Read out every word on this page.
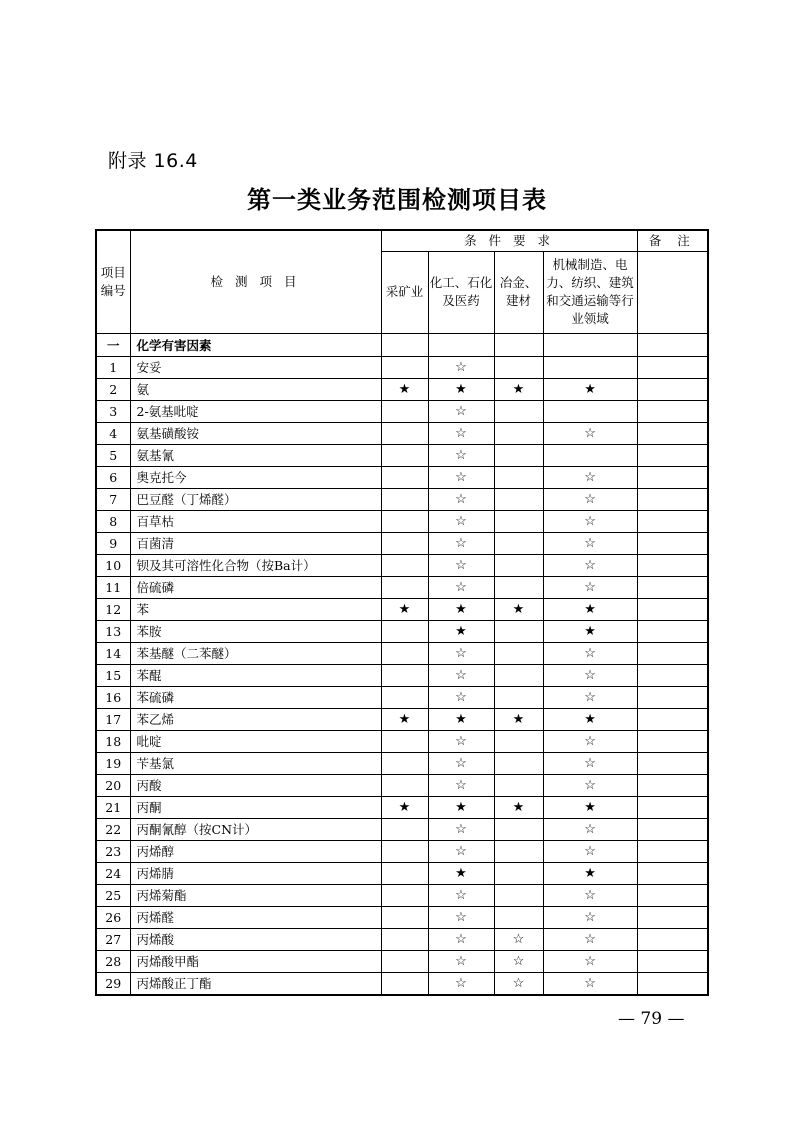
附录 16.4
第一类业务范围检测项目表
项目编号	检 测 项 目	条 件 要 求				备 注
		采矿业	化工、石化及医药	冶金、建材	机械制造、电力、纺织、建筑和交通运输等行业领域	
一	化学有害因素					
1	安妥		☆			
2	氨	★	★	★	★	
3	2-氨基吡啶		☆			
4	氨基磺酸铵		☆		☆	
5	氨基氰		☆			
6	奥克托今		☆		☆	
7	巴豆醛（丁烯醛）		☆		☆	
8	百草枯		☆		☆	
9	百菌清		☆		☆	
10	钡及其可溶性化合物（按Ba计）		☆		☆	
11	倍硫磷		☆		☆	
12	苯	★	★	★	★	
13	苯胺		★		★	
14	苯基醚（二苯醚）		☆		☆	
15	苯醌		☆		☆	
16	苯硫磷		☆		☆	
17	苯乙烯	★	★	★	★	
18	吡啶		☆		☆	
19	苄基氯		☆		☆	
20	丙酸		☆		☆	
21	丙酮	★	★	★	★	
22	丙酮氰醇（按CN计）		☆		☆	
23	丙烯醇		☆		☆	
24	丙烯腈		★		★	
25	丙烯菊酯		☆		☆	
26	丙烯醛		☆		☆	
27	丙烯酸		☆	☆	☆	
28	丙烯酸甲酯		☆	☆	☆	
29	丙烯酸正丁酯		☆	☆	☆	
— 79 —
